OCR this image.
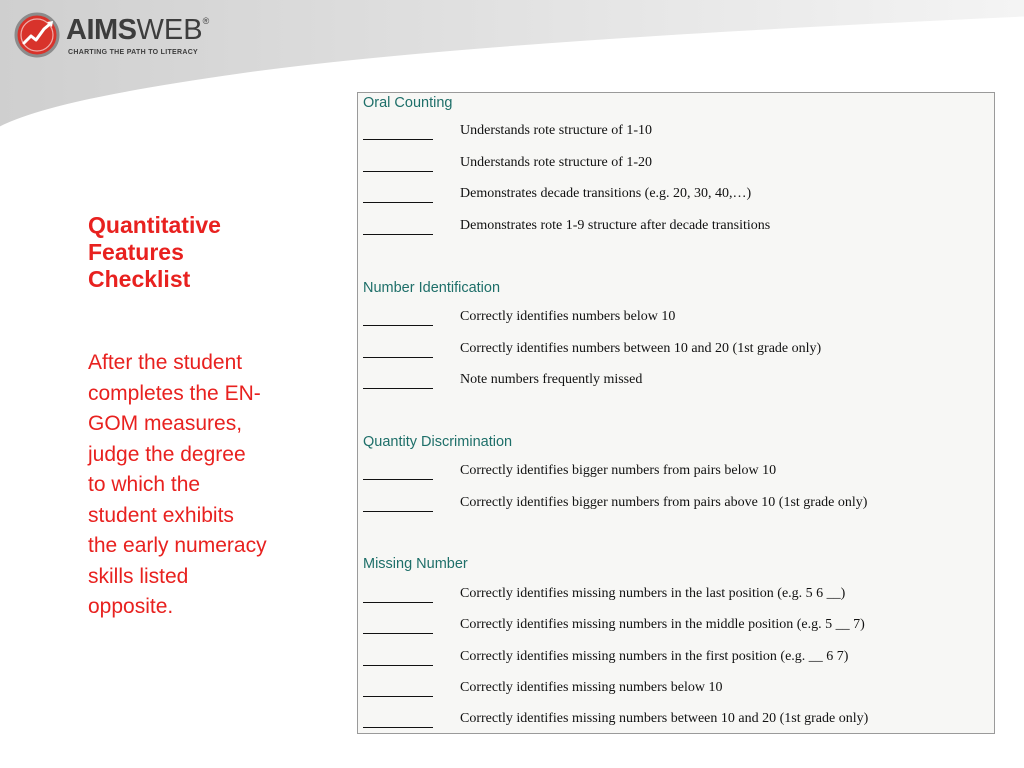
AIMSWEB®
CHARTING THE PATH TO LITERACY
Quantitative
Features
Checklist
After the student
completes the EN-
GOM measures,
judge the degree
to which the
student exhibits
the early numeracy
skills listed
opposite.
Oral Counting
Understands rote structure of 1-10
Understands rote structure of 1-20
Demonstrates decade transitions (e.g. 20, 30, 40,…)
Demonstrates rote 1-9 structure after decade transitions
Number Identification
Correctly identifies numbers below 10
Correctly identifies numbers between 10 and 20 (1st grade only)
Note numbers frequently missed
Quantity Discrimination
Correctly identifies bigger numbers from pairs below 10
Correctly identifies bigger numbers from pairs above 10 (1st grade only)
Missing Number
Correctly identifies missing numbers in the last position (e.g. 5 6 __)
Correctly identifies missing numbers in the middle position (e.g. 5 __ 7)
Correctly identifies missing numbers in the first position (e.g. __ 6 7)
Correctly identifies missing numbers below 10
Correctly identifies missing numbers between 10 and 20 (1st grade only)
